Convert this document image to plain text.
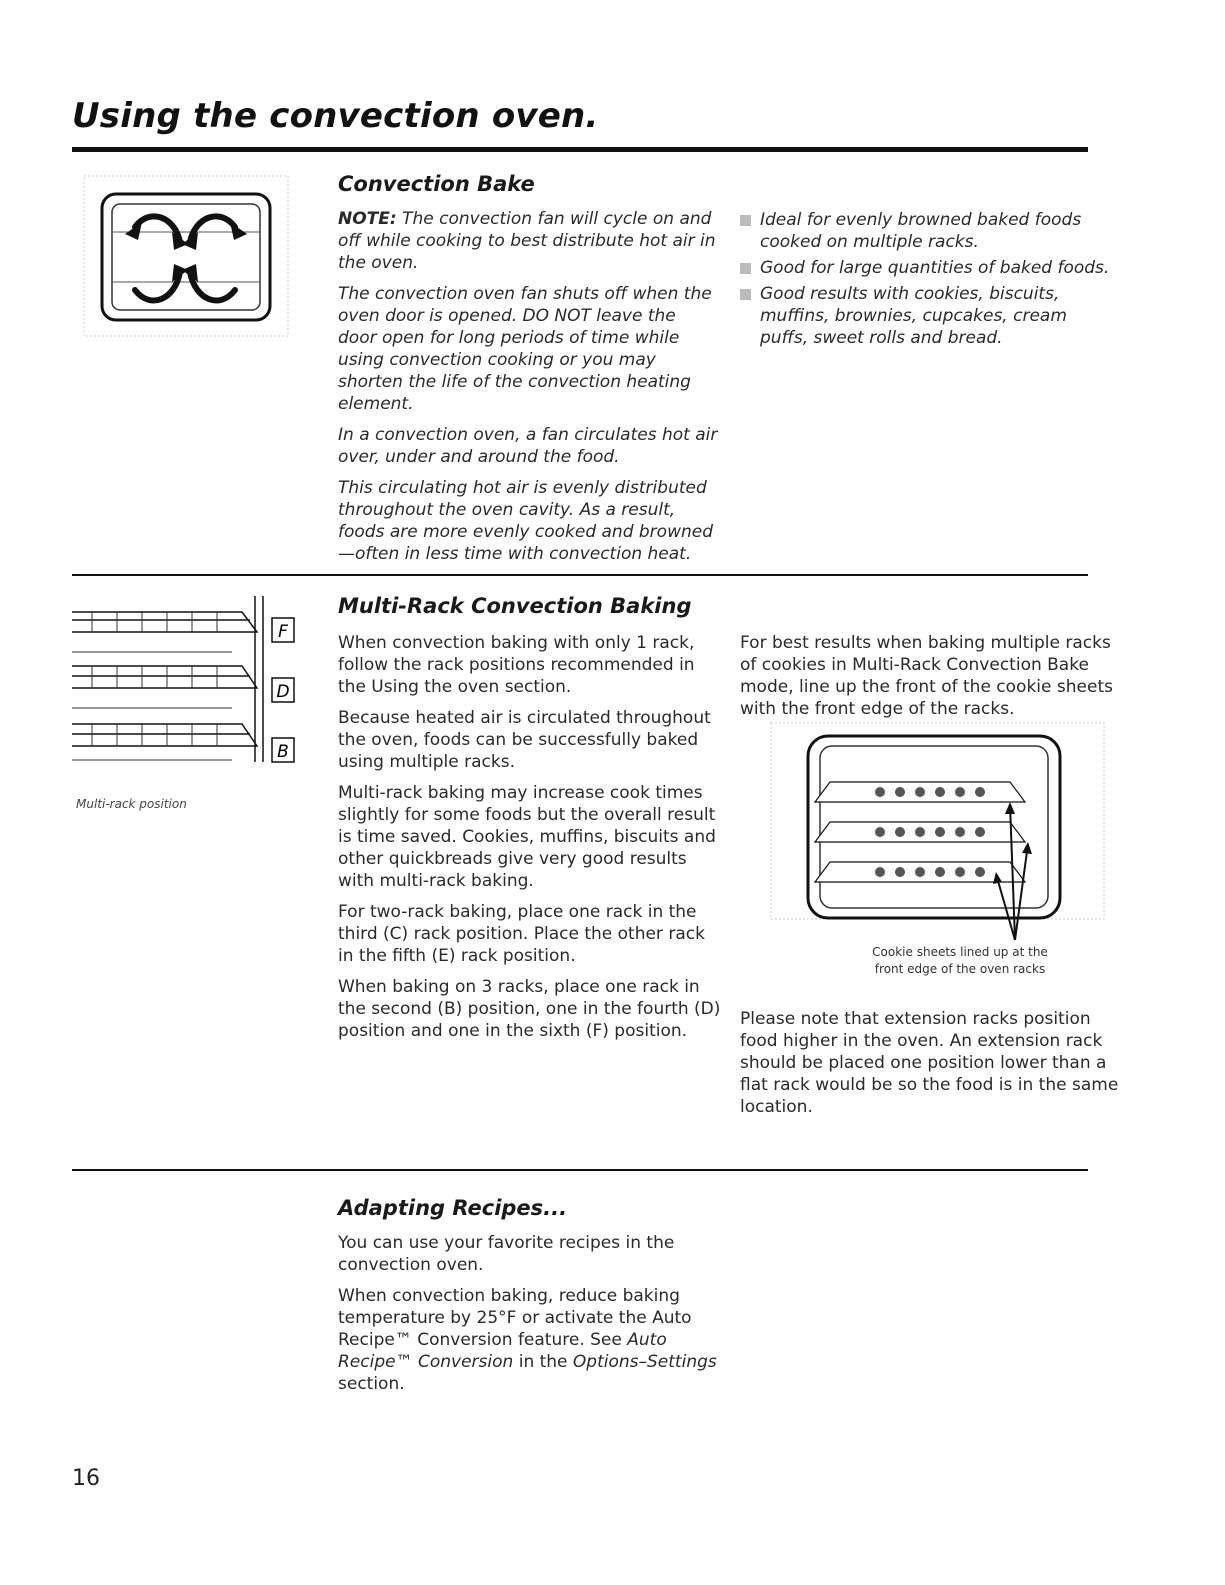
Using the convection oven.
Convection Bake

NOTE: The convection fan will cycle on and off while cooking to best distribute hot air in the oven.

The convection oven fan shuts off when the oven door is opened. DO NOT leave the door open for long periods of time while using convection cooking or you may shorten the life of the convection heating element.

In a convection oven, a fan circulates hot air over, under and around the food.

This circulating hot air is evenly distributed throughout the oven cavity. As a result, foods are more evenly cooked and browned—often in less time with convection heat.

Ideal for evenly browned baked foods cooked on multiple racks.
Good for large quantities of baked foods.
Good results with cookies, biscuits, muffins, brownies, cupcakes, cream puffs, sweet rolls and bread.
F
D
B
Multi-rack position
Multi-Rack Convection Baking

When convection baking with only 1 rack, follow the rack positions recommended in the Using the oven section.

Because heated air is circulated throughout the oven, foods can be successfully baked using multiple racks.

Multi-rack baking may increase cook times slightly for some foods but the overall result is time saved. Cookies, muffins, biscuits and other quickbreads give very good results with multi-rack baking.

For two-rack baking, place one rack in the third (C) rack position. Place the other rack in the fifth (E) rack position.

When baking on 3 racks, place one rack in the second (B) position, one in the fourth (D) position and one in the sixth (F) position.

For best results when baking multiple racks of cookies in Multi-Rack Convection Bake mode, line up the front of the cookie sheets with the front edge of the racks.

Cookie sheets lined up at the
front edge of the oven racks

Please note that extension racks position food higher in the oven. An extension rack should be placed one position lower than a flat rack would be so the food is in the same location.

Adapting Recipes...

You can use your favorite recipes in the convection oven.

When convection baking, reduce baking temperature by 25°F or activate the Auto Recipe™ Conversion feature. See Auto Recipe™ Conversion in the Options–Settings section.

16
